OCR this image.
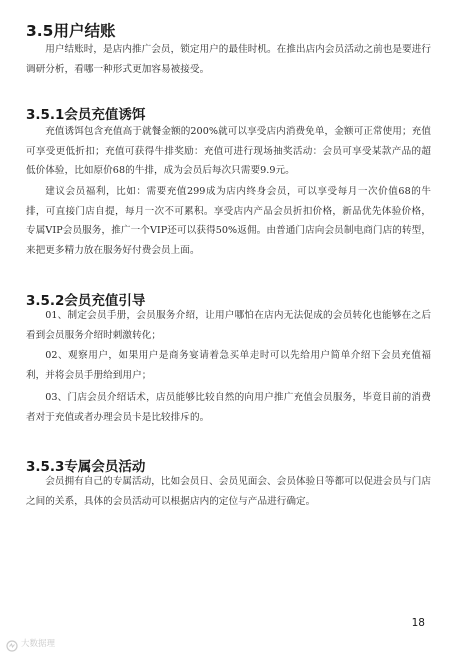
3.5用户结账

用户结账时，是店内推广会员，锁定用户的最佳时机。在推出店内会员活动之前也是要进行调研分析，看哪一种形式更加容易被接受。

3.5.1会员充值诱饵

充值诱饵包含充值高于就餐金额的200%就可以享受店内消费免单，金额可正常使用；充值可享受更低折扣；充值可获得牛排奖励：充值可进行现场抽奖活动：会员可享受某款产品的超低价体验，比如原价68的牛排，成为会员后每次只需要9.9元。

建议会员福利，比如：需要充值299成为店内终身会员，可以享受每月一次价值68的牛排，可直接门店自提，每月一次不可累积。享受店内产品会员折扣价格，新品优先体验价格，专属VIP会员服务，推广一个VIP还可以获得50%返佣。由普通门店向会员制电商门店的转型，来把更多精力放在服务好付费会员上面。

3.5.2会员充值引导

01、制定会员手册，会员服务介绍，让用户哪怕在店内无法促成的会员转化也能够在之后看到会员服务介绍时刺激转化；

02、观察用户，如果用户是商务宴请着急买单走时可以先给用户简单介绍下会员充值福利，并将会员手册给到用户；

03、门店会员介绍话术，店员能够比较自然的向用户推广充值会员服务，毕竟目前的消费者对于充值或者办理会员卡是比较排斥的。

3.5.3专属会员活动

会员拥有自己的专属活动，比如会员日、会员见面会、会员体验日等都可以促进会员与门店之间的关系，具体的会员活动可以根据店内的定位与产品进行确定。

18
大数据理
